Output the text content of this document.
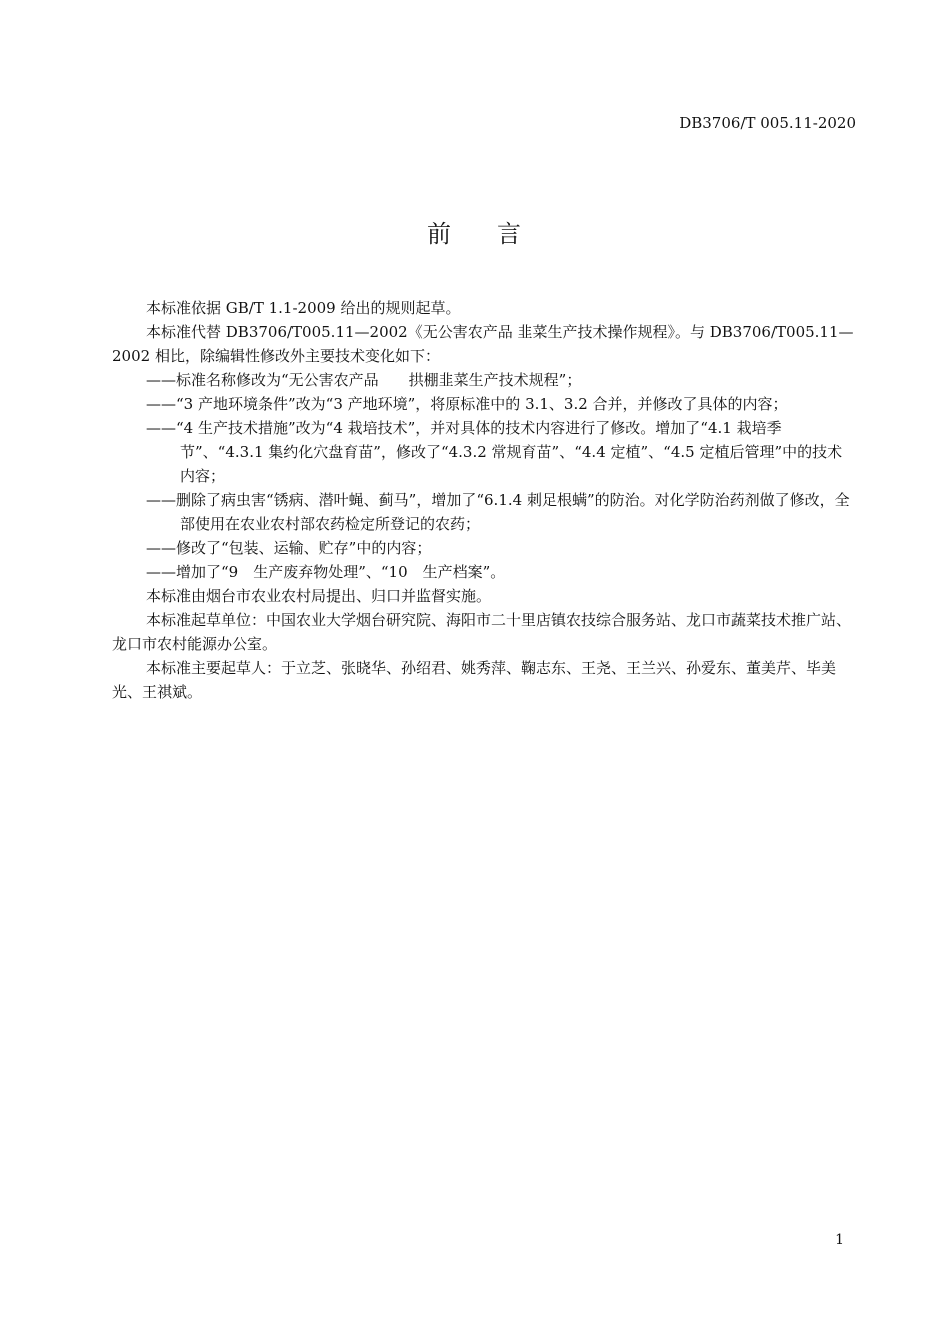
DB3706/T 005.11-2020
前 言

本标准依据 GB/T 1.1-2009 给出的规则起草。

本标准代替 DB3706/T005.11—2002《无公害农产品 韭菜生产技术操作规程》。与 DB3706/T005.11—2002 相比，除编辑性修改外主要技术变化如下：

——标准名称修改为“无公害农产品　　拱棚韭菜生产技术规程”；

——“3 产地环境条件”改为“3 产地环境”，将原标准中的 3.1、3.2 合并，并修改了具体的内容；

——“4 生产技术措施”改为“4 栽培技术”，并对具体的技术内容进行了修改。增加了“4.1 栽培季节”、“4.3.1 集约化穴盘育苗”，修改了“4.3.2 常规育苗”、“4.4 定植”、“4.5 定植后管理”中的技术内容；

——删除了病虫害“锈病、潜叶蝇、蓟马”，增加了“6.1.4 刺足根螨”的防治。对化学防治药剂做了修改，全部使用在农业农村部农药检定所登记的农药；

——修改了“包装、运输、贮存”中的内容；

——增加了“9　生产废弃物处理”、“10　生产档案”。

本标准由烟台市农业农村局提出、归口并监督实施。

本标准起草单位：中国农业大学烟台研究院、海阳市二十里店镇农技综合服务站、龙口市蔬菜技术推广站、龙口市农村能源办公室。

本标准主要起草人：于立芝、张晓华、孙绍君、姚秀萍、鞠志东、王尧、王兰兴、孙爱东、董美芹、毕美光、王祺斌。

1
